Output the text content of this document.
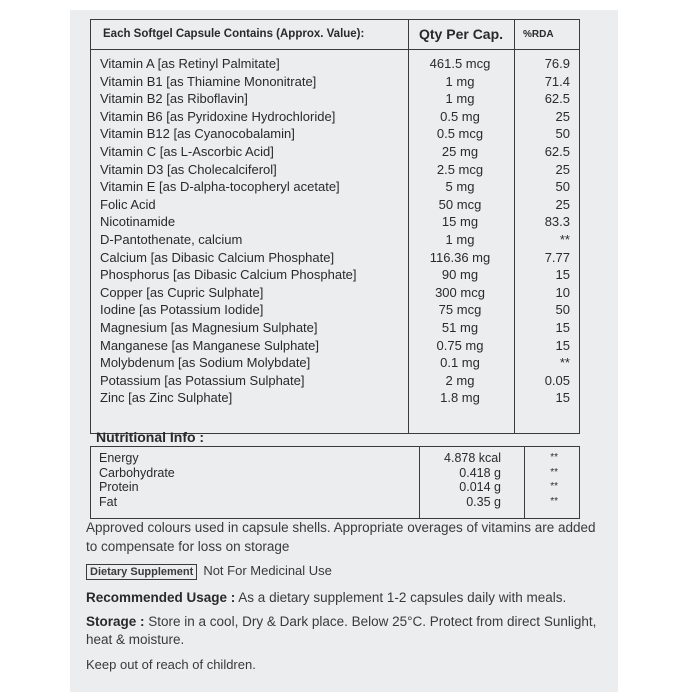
Each Softgel Capsule Contains (Approx. Value):	Qty Per Cap. %RDA
Vitamin A [as Retinyl Palmitate]	461.5 mcg	76.9
Vitamin B1 [as Thiamine Mononitrate]	1 mg	71.4
Vitamin B2 [as Riboflavin]	1 mg	62.5
Vitamin B6 [as Pyridoxine Hydrochloride]	0.5 mg	25
Vitamin B12 [as Cyanocobalamin]	0.5 mcg	50
Vitamin C [as L-Ascorbic Acid]	25 mg	62.5
Vitamin D3 [as Cholecalciferol]	2.5 mcg	25
Vitamin E [as D-alpha-tocopheryl acetate]	5 mg	50
Folic Acid	50 mcg	25
Nicotinamide	15 mg	83.3
D-Pantothenate, calcium	1 mg	**
Calcium [as Dibasic Calcium Phosphate]	116.36 mg	7.77
Phosphorus [as Dibasic Calcium Phosphate]	90 mg	15
Copper [as Cupric Sulphate]	300 mcg	10
Iodine [as Potassium Iodide]	75 mcg	50
Magnesium [as Magnesium Sulphate]	51 mg	15
Manganese [as Manganese Sulphate]	0.75 mg	15
Molybdenum [as Sodium Molybdate]	0.1 mg	**
Potassium [as Potassium Sulphate]	2 mg	0.05
Zinc [as Zinc Sulphate]	1.8 mg	15
Nutritional Info :
Energy	4.878 kcal	**
Carbohydrate	0.418 g	**
Protein	0.014 g	**
Fat	0.35 g	**
Approved colours used in capsule shells. Appropriate overages of vitamins are added to compensate for loss on storage
Dietary Supplement Not For Medicinal Use
Recommended Usage : As a dietary supplement 1-2 capsules daily with meals.
Storage : Store in a cool, Dry & Dark place. Below 25°C. Protect from direct Sunlight, heat & moisture.
Keep out of reach of children.
